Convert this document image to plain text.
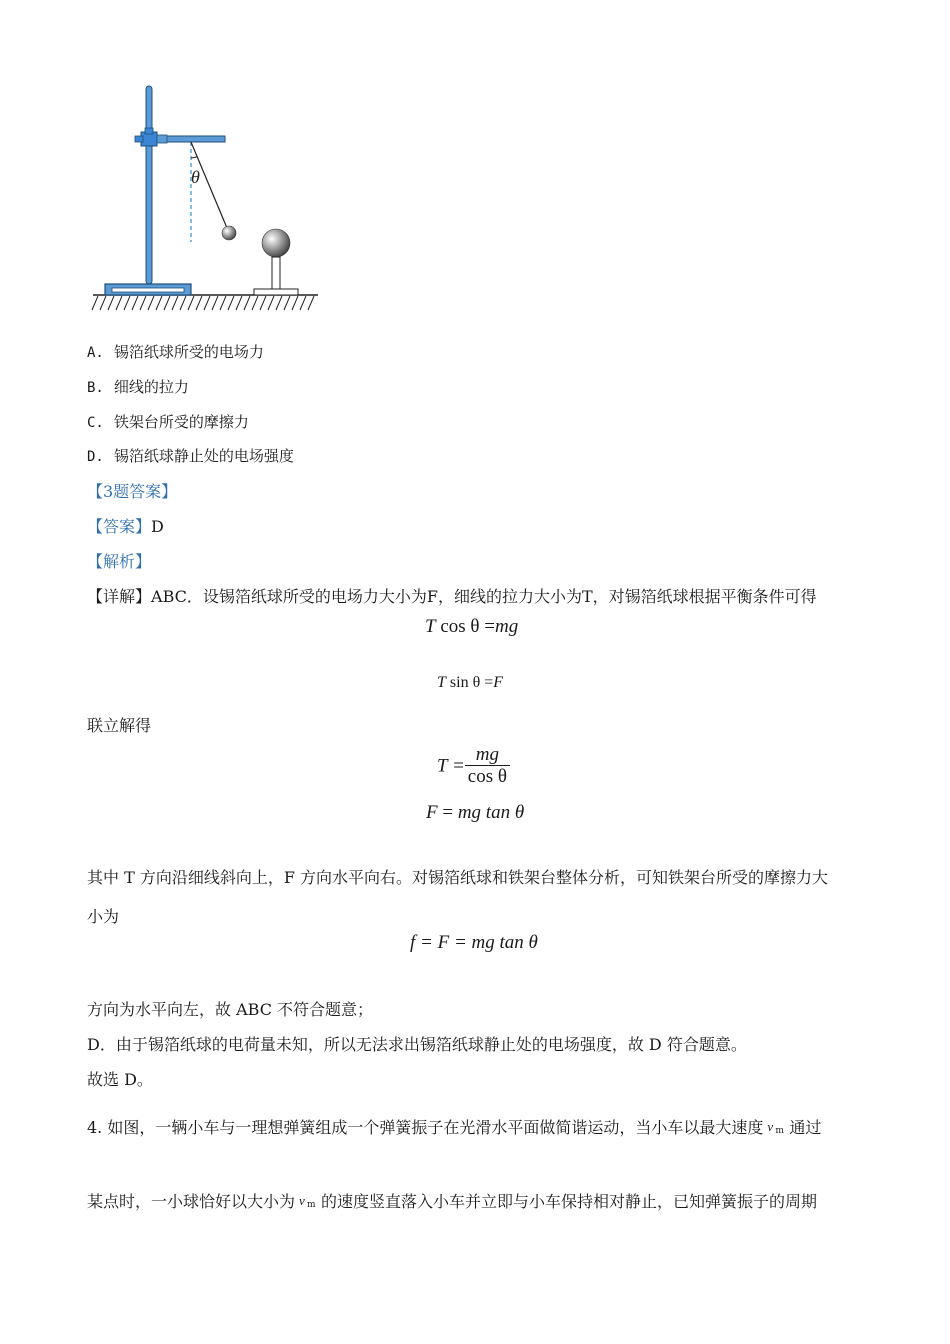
θ
A. 锡箔纸球所受的电场力
B. 细线的拉力
C. 铁架台所受的摩擦力
D. 锡箔纸球静止处的电场强度
【3题答案】
【答案】D
【解析】
【详解】ABC．设锡箔纸球所受的电场力大小为F，细线的拉力大小为T，对锡箔纸球根据平衡条件可得
T cos θ =mg
T sin θ =F
联立解得
$T = \frac{mg}{\text{cos θ}}$
F = mg tan θ
其中 T 方向沿细线斜向上，F 方向水平向右。对锡箔纸球和铁架台整体分析，可知铁架台所受的摩擦力大
小为
f = F = mg tan θ
方向为水平向左，故 ABC 不符合题意；
D．由于锡箔纸球的电荷量未知，所以无法求出锡箔纸球静止处的电场强度，故 D 符合题意。
故选 D。
4. 如图，一辆小车与一理想弹簧组成一个弹簧振子在光滑水平面做简谐运动，当小车以最大速度 v m 通过
某点时，一小球恰好以大小为 v m 的速度竖直落入小车并立即与小车保持相对静止，已知弹簧振子的周期
